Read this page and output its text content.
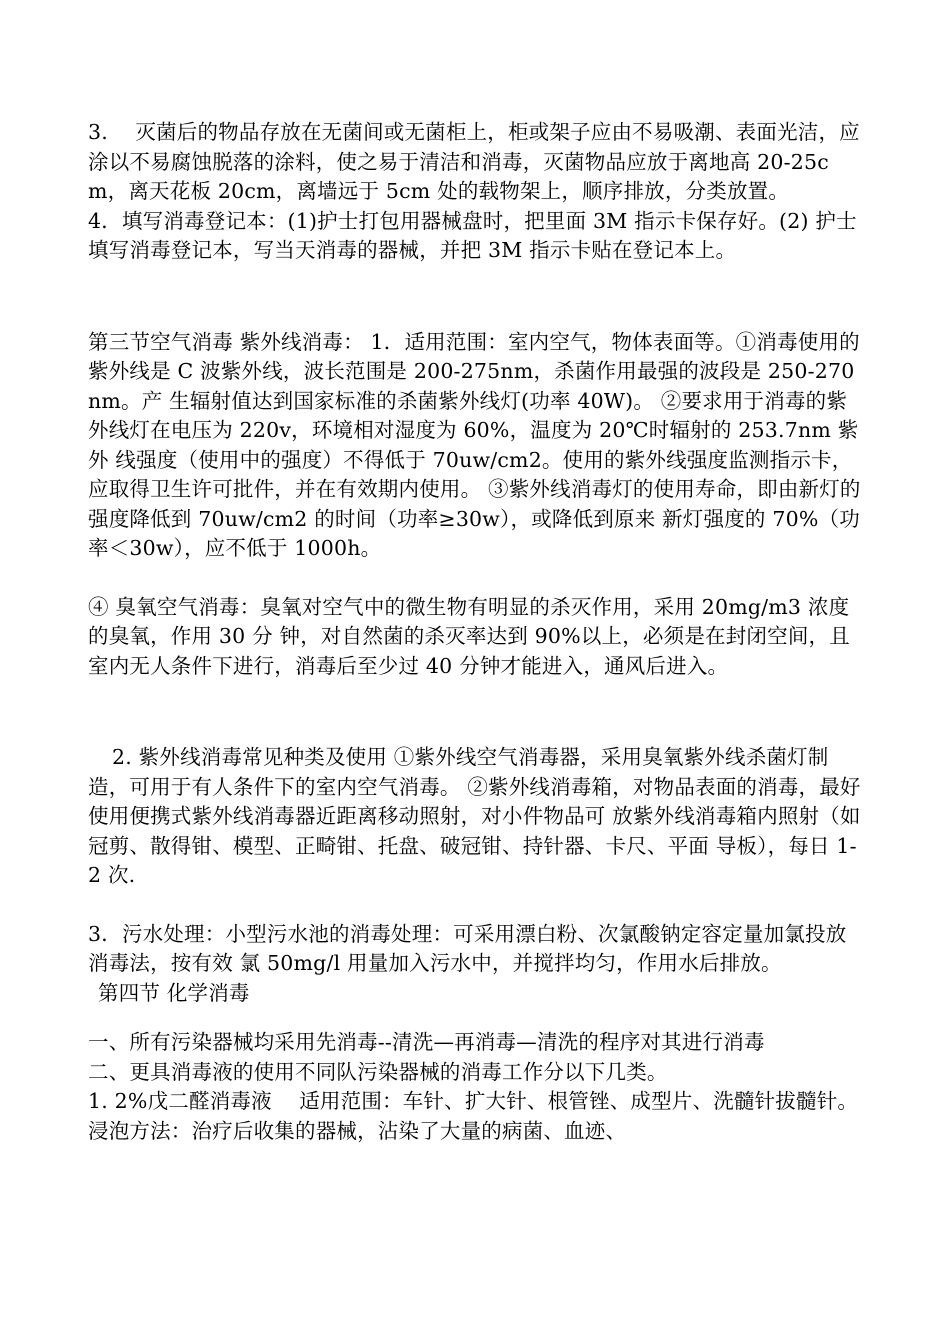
3.　 灭菌后的物品存放在无菌间或无菌柜上，柜或架子应由不易吸潮、表面光洁，应涂以不易腐蚀脱落的涂料，使之易于清洁和消毒，灭菌物品应放于离地高 20-25cm，离天花板 20cm，离墙远于 5cm 处的载物架上，顺序排放，分类放置。

4．填写消毒登记本：(1)护士打包用器械盘时，把里面 3M 指示卡保存好。(2) 护士填写消毒登记本，写当天消毒的器械，并把 3M 指示卡贴在登记本上。

第三节空气消毒 紫外线消毒： 1．适用范围：室内空气，物体表面等。①消毒使用的紫外线是 C 波紫外线，波长范围是 200-275nm，杀菌作用最强的波段是 250-270nm。产 生辐射值达到国家标准的杀菌紫外线灯(功率 40W)。 ②要求用于消毒的紫外线灯在电压为 220v，环境相对湿度为 60%，温度为 20℃时辐射的 253.7nm 紫外 线强度（使用中的强度）不得低于 70uw/cm2。使用的紫外线强度监测指示卡，应取得卫生许可批件，并在有效期内使用。 ③紫外线消毒灯的使用寿命，即由新灯的强度降低到 70uw/cm2 的时间（功率≥30w），或降低到原来 新灯强度的 70%（功率＜30w），应不低于 1000h。

④ 臭氧空气消毒：臭氧对空气中的微生物有明显的杀灭作用，采用 20mg/m3 浓度的臭氧，作用 30 分 钟，对自然菌的杀灭率达到 90%以上，必须是在封闭空间，且室内无人条件下进行，消毒后至少过 40 分钟才能进入，通风后进入。

2. 紫外线消毒常见种类及使用 ①紫外线空气消毒器，采用臭氧紫外线杀菌灯制造，可用于有人条件下的室内空气消毒。 ②紫外线消毒箱，对物品表面的消毒，最好使用便携式紫外线消毒器近距离移动照射，对小件物品可 放紫外线消毒箱内照射（如冠剪、散得钳、模型、正畸钳、托盘、破冠钳、持针器、卡尺、平面 导板），每日 1-2 次.

3．污水处理：小型污水池的消毒处理：可采用漂白粉、次氯酸钠定容定量加氯投放消毒法，按有效 氯 50mg/l 用量加入污水中，并搅拌均匀，作用水后排放。

第四节 化学消毒

一、所有污染器械均采用先消毒--清洗—再消毒—清洗的程序对其进行消毒

二、更具消毒液的使用不同队污染器械的消毒工作分以下几类。

1. 2%戊二醛消毒液　 适用范围：车针、扩大针、根管锉、成型片、洗髓针拔髓针。 浸泡方法：治疗后收集的器械，沾染了大量的病菌、血迹、
